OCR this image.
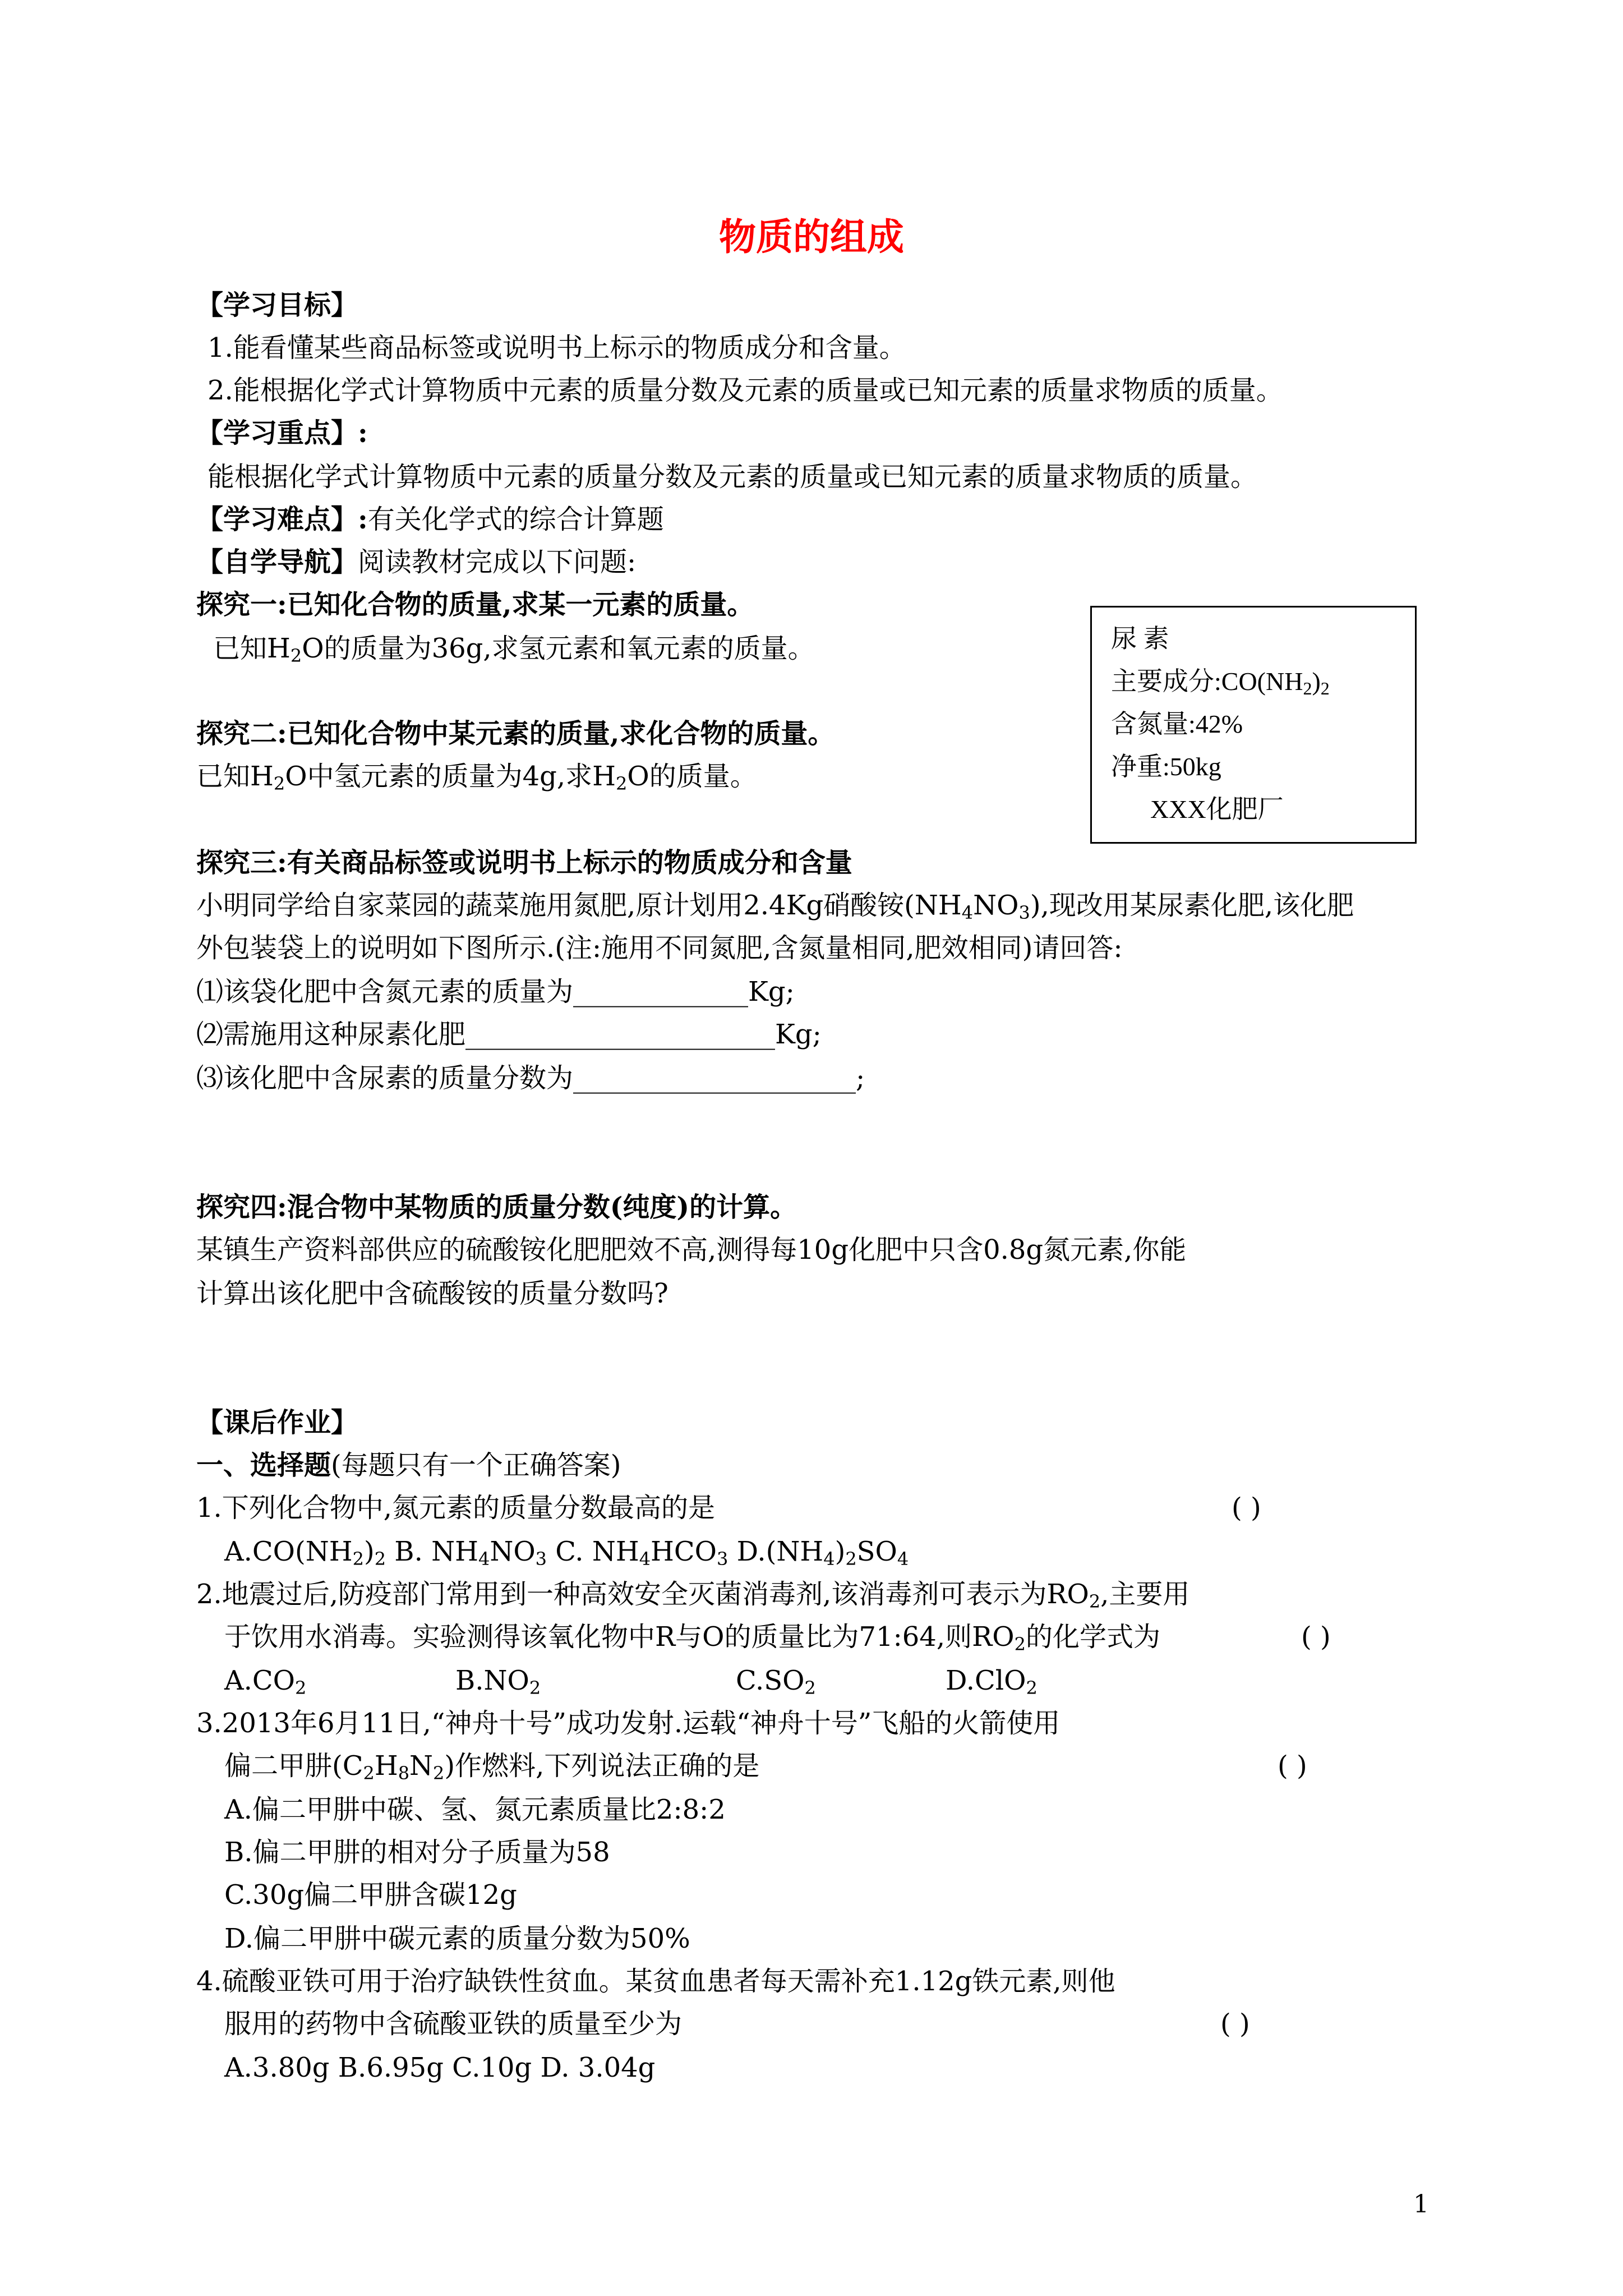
物质的组成
【学习目标】
1.能看懂某些商品标签或说明书上标示的物质成分和含量。
2.能根据化学式计算物质中元素的质量分数及元素的质量或已知元素的质量求物质的质量。
【学习重点】:
能根据化学式计算物质中元素的质量分数及元素的质量或已知元素的质量求物质的质量。
【学习难点】:有关化学式的综合计算题
【自学导航】阅读教材完成以下问题:
探究一:已知化合物的质量,求某一元素的质量。
已知$H_2O$的质量为36g,求氢元素和氧元素的质量。
探究二:已知化合物中某元素的质量,求化合物的质量。
已知$H_2O$中氢元素的质量为4g,求$H_2O$的质量。
尿 素
主要成分$:CO(NH_2)_2$
含氮量:42%
净重:50kg
XXX化肥厂
探究三:有关商品标签或说明书上标示的物质成分和含量
小明同学给自家菜园的蔬菜施用氮肥,原计划用2.4Kg硝酸铵$(NH_4NO_3)$,现改用某尿素化肥,该化肥
外包装袋上的说明如下图所示.(注:施用不同氮肥,含氮量相同,肥效相同)请回答:
⑴该袋化肥中含氮元素的质量为_____________Kg;
⑵需施用这种尿素化肥_______________________Kg;
⑶该化肥中含尿素的质量分数为_____________________;
探究四:混合物中某物质的质量分数(纯度)的计算。
某镇生产资料部供应的硫酸铵化肥肥效不高,测得每10g化肥中只含0.8g氮元素,你能
计算出该化肥中含硫酸铵的质量分数吗?
【课后作业】
一、选择题(每题只有一个正确答案)
1.下列化合物中,氮元素的质量分数最高的是	( )
$A.CO(NH_2)_2$ B. $NH_4NO_3$ C. $NH_4HCO_3$ $D.(NH_4)_2SO_4$
2.地震过后,防疫部门常用到一种高效安全灭菌消毒剂,该消毒剂可表示为$RO_2$,主要用
于饮用水消毒。实验测得该氧化物中R与O的质量比为71:64,则$RO_2$的化学式为	( )
$A.CO_2$	$B.NO_2$	$C.SO_2$	D.ClO$_2$
3.2013年6月11日,“神舟十号”成功发射.运载“神舟十号”飞船的火箭使用
偏二甲肼$(C_2H_8N_2)$作燃料,下列说法正确的是	( )
A.偏二甲肼中碳、氢、氮元素质量比2:8:2
B.偏二甲肼的相对分子质量为58
C.30g偏二甲肼含碳12g
D.偏二甲肼中碳元素的质量分数为50%
4.硫酸亚铁可用于治疗缺铁性贫血。某贫血患者每天需补充1.12g铁元素,则他
服用的药物中含硫酸亚铁的质量至少为	( )
A.3.80g B.6.95g C.10g D. 3.04g
1
